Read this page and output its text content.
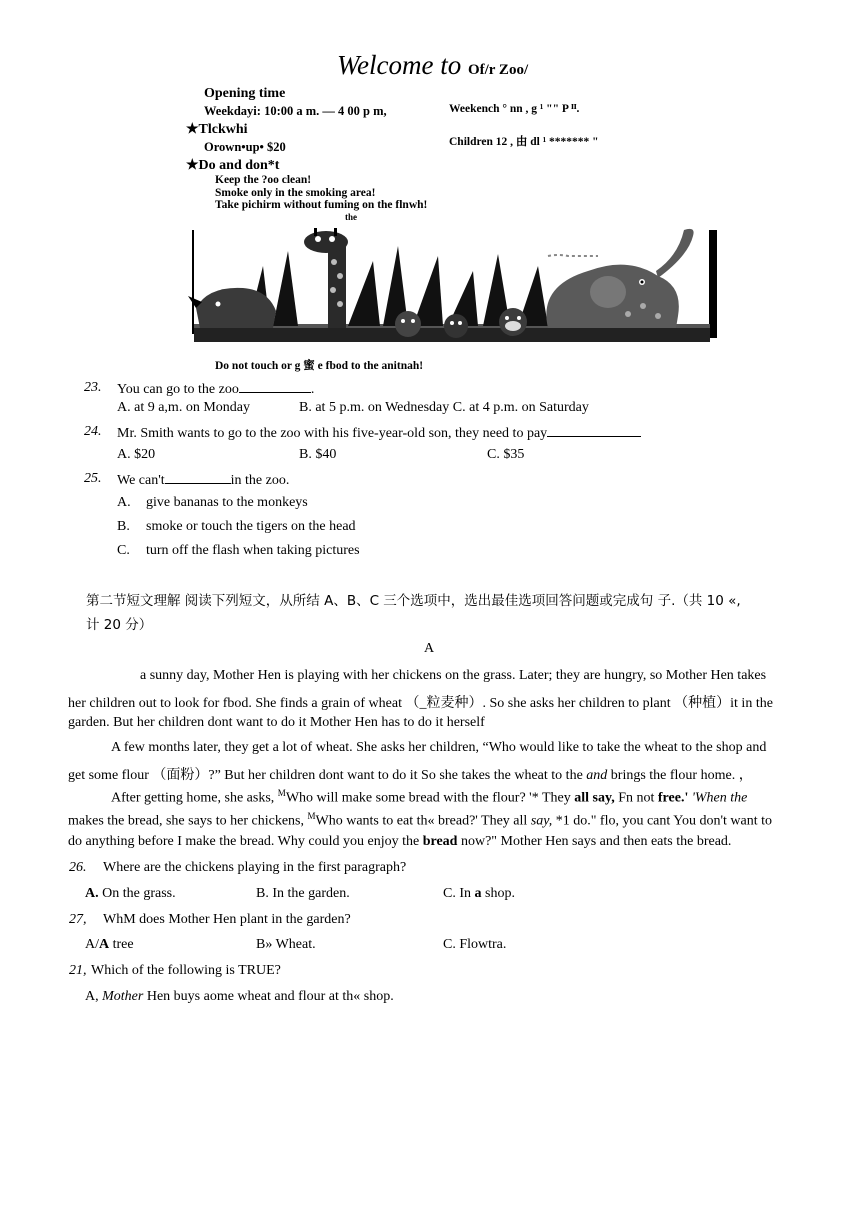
Welcome to Of/r Zoo/
Opening time
Weekdayi: 10:00 a m. — 4 00 p m,	Weekench ° nn , g ¹ "" P ᴵᴵ.
★Tlckwhi
Children 12 , 由 dl ¹ ******* "
Orown•up• $20
★Do and don*t
Keep the ?oo clean!
Smoke only in the smoking area!
Take pichirm without fuming on the flnwh!
the
Do not touch or g 蜜 e fbod to the anitnah!
23. You can go to the zoo	.
A. at 9 a,m. on Monday	B. at 5 p.m. on Wednesday C. at 4 p.m. on Saturday
24. Mr. Smith wants to go to the zoo with his five-year-old son, they need to pay
A. $20	B. $40	C. $35
25. We can't	in the zoo.
A. give bananas to the monkeys
B. smoke or touch the tigers on the head
C. turn off the flash when taking pictures
第二节短文理解 阅读下列短文，从所结 A、B、C 三个选项中，选出最佳选项回答问题或完成句 子.（共 10 «,
计 20 分）
A
a sunny day, Mother Hen is playing with her chickens on the grass. Later; they are hungry, so Mother Hen takes
her children out to look for fbod. She finds a grain of wheat （_粒麦种）. So she asks her children to plant （种植）it in the
garden. But her children dont want to do it Mother Hen has to do it herself
A few months later, they get a lot of wheat. She asks her children, “Who would like to take the wheat to the shop and
get some flour （面粉）?” But her children dont want to do it So she takes the wheat to the and brings the flour home. ，
After getting home, she asks, $^M$Who will make some bread with the flour? '* They all say, Fn not free.' 'When the
makes the bread, she says to her chickens, $^M$Who wants to eat th« bread?' They all say, *1 do." flo, you cant You don't want to
do anything before I make the bread. Why could you enjoy the bread now?" Mother Hen says and then eats the bread.
26. Where are the chickens playing in the first paragraph?
A. On the grass.	B. In the garden.	C. In a shop.
27, WhM does Mother Hen plant in the garden?
A/A tree	B» Wheat.	C. Flowtra.
21, Which of the following is TRUE?
A, Mother Hen buys aome wheat and flour at th« shop.
